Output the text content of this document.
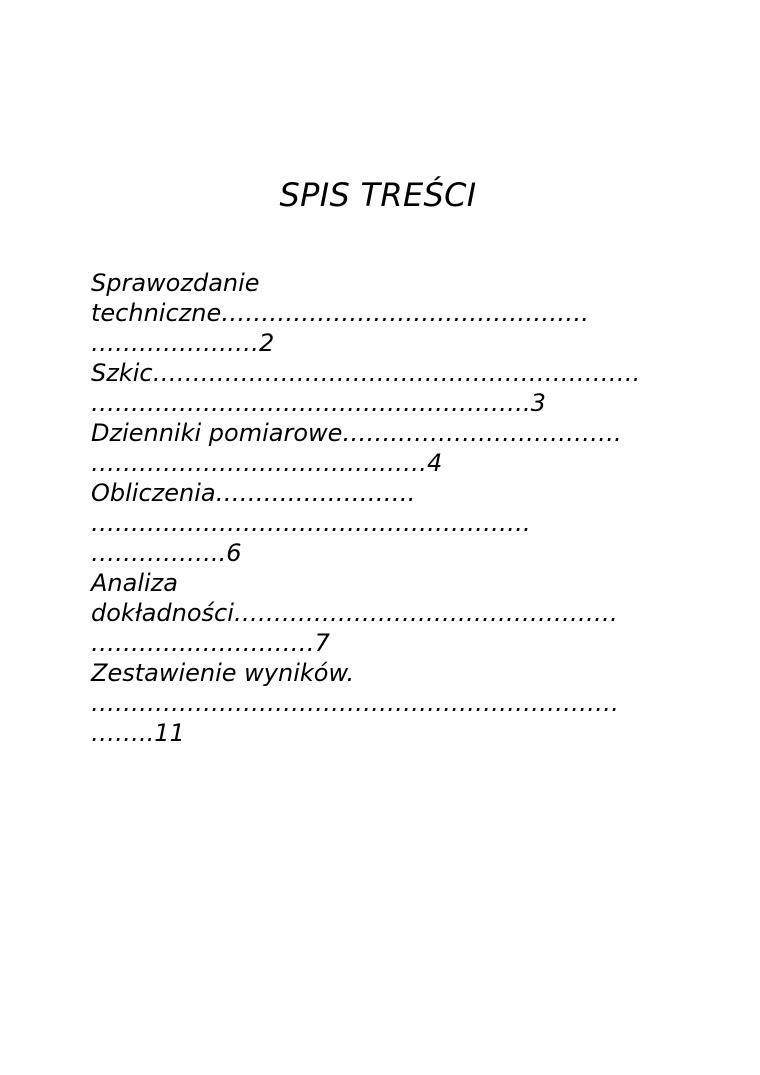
SPIS TREŚCI
Sprawozdanie
techniczne……………………………………….
…………………2
Szkic…………………………………………………….
……………………………………………….3
Dzienniki pomiarowe…….……………………….
……………………………………4
Obliczenia…………………….
……………………………………………….
……………..6
Analiza
dokładności…………………………………………
………….……………7
Zestawienie wyników.
…………………………………………………………
……..11
